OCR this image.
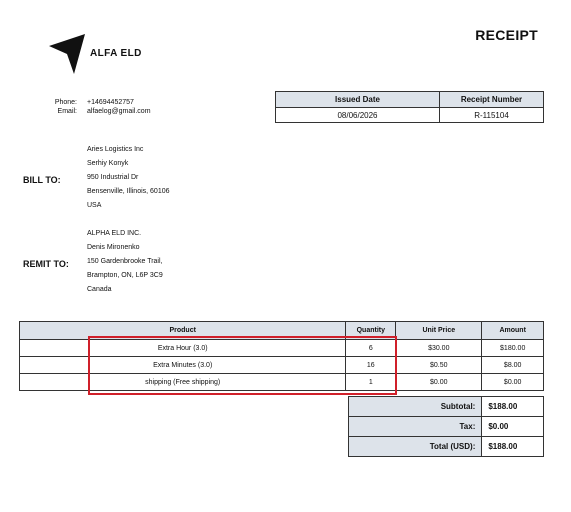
ALFA ELD
RECEIPT
Phone: +14694452757
Email: alfaelog@gmail.com
Issued Date	Receipt Number
08/06/2026	R-115104
BILL TO:
Aries Logistics Inc
Serhiy Konyk
950 Industrial Dr
Bensenville, Illinois, 60106
USA
REMIT TO:
ALPHA ELD INC.
Denis Mironenko
150 Gardenbrooke Trail,
Brampton, ON, L6P 3C9
Canada
Product	Quantity	Unit Price	Amount
Extra Hour (3.0)	6	$30.00	$180.00
Extra Minutes (3.0)	16	$0.50	$8.00
shipping (Free shipping)	1	$0.00	$0.00
Subtotal:	$188.00
Tax:	$0.00
Total (USD):	$188.00
